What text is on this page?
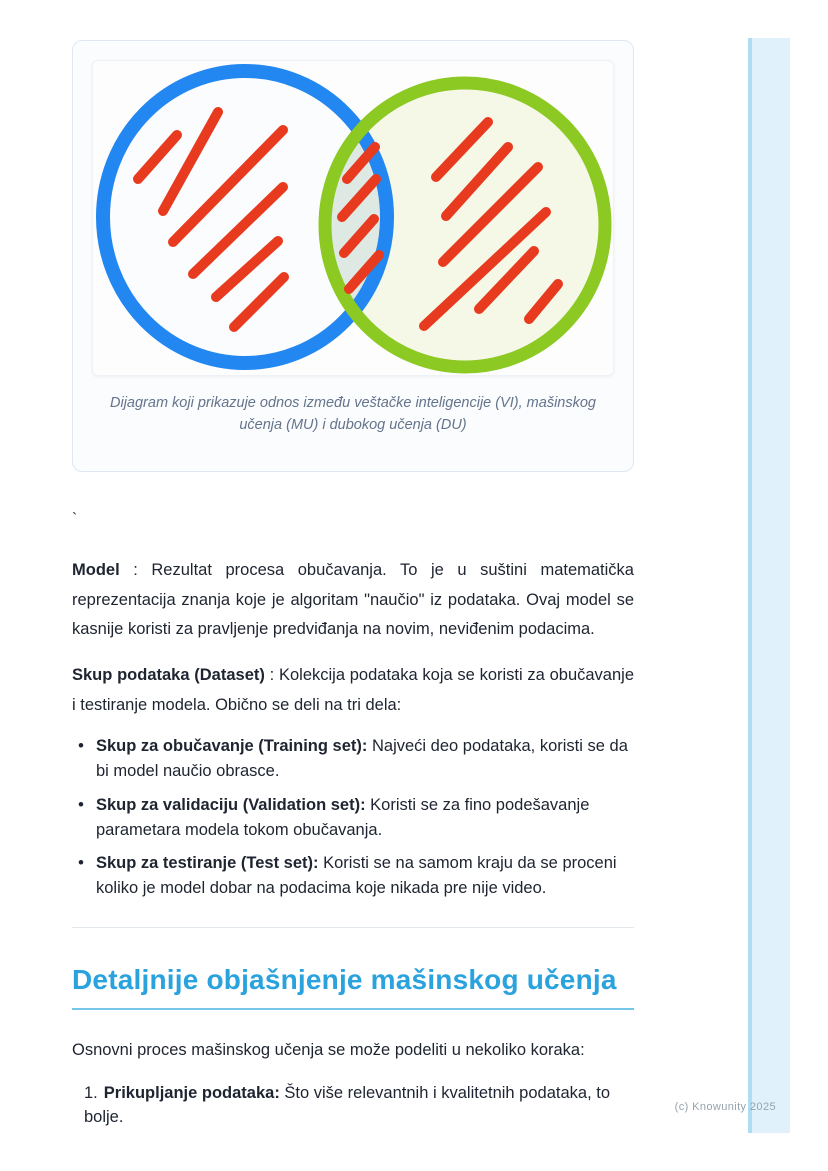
Dijagram koji prikazuje odnos između veštačke inteligencije (VI), mašinskog učenja (MU) i dubokog učenja (DU)

`

Model : Rezultat procesa obučavanja. To je u suštini matematička reprezentacija znanja koje je algoritam "naučio" iz podataka. Ovaj model se kasnije koristi za pravljenje predviđanja na novim, neviđenim podacima.

Skup podataka (Dataset) : Kolekcija podataka koja se koristi za obučavanje i testiranje modela. Obično se deli na tri dela:

• Skup za obučavanje (Training set): Najveći deo podataka, koristi se da bi model naučio obrasce.
• Skup za validaciju (Validation set): Koristi se za fino podešavanje parametara modela tokom obučavanja.
• Skup za testiranje (Test set): Koristi se na samom kraju da se proceni koliko je model dobar na podacima koje nikada pre nije video.
Detaljnije objašnjenje mašinskog učenja

Osnovni proces mašinskog učenja se može podeliti u nekoliko koraka:

1. Prikupljanje podataka: Što više relevantnih i kvalitetnih podataka, to bolje.
(c) Knowunity 2025
